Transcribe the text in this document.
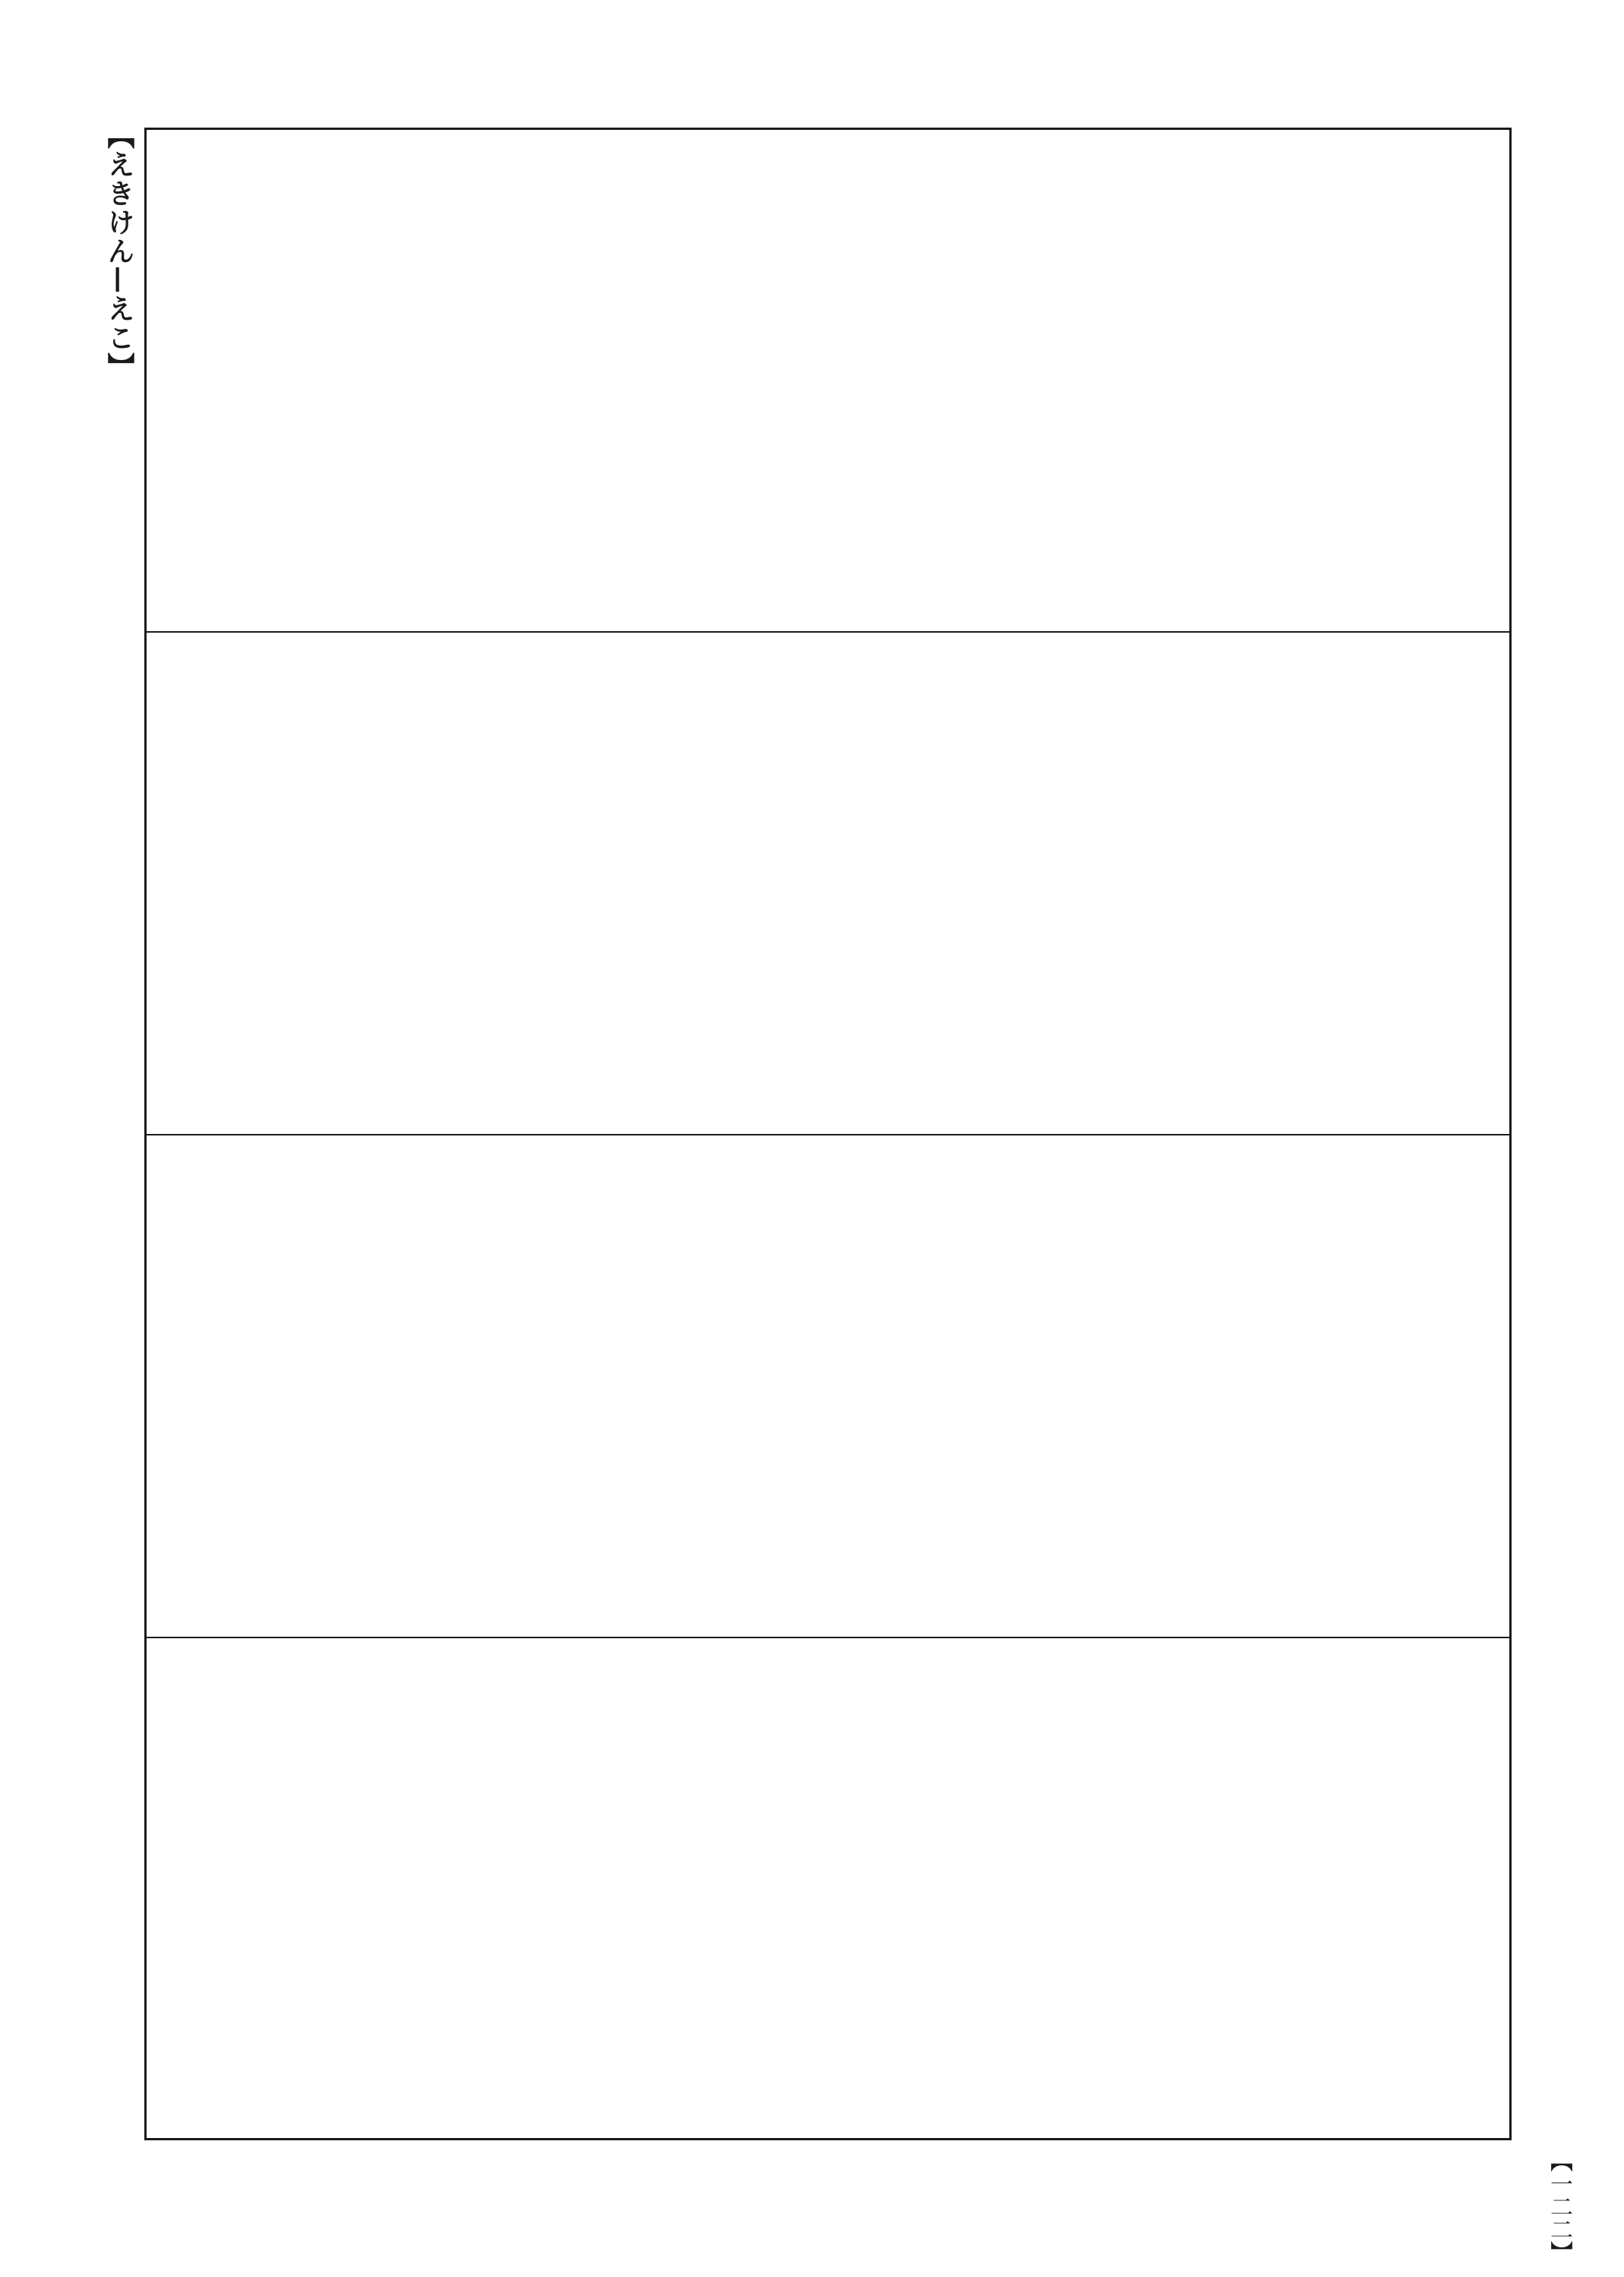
【えきけん—えこ】
【一二二】
